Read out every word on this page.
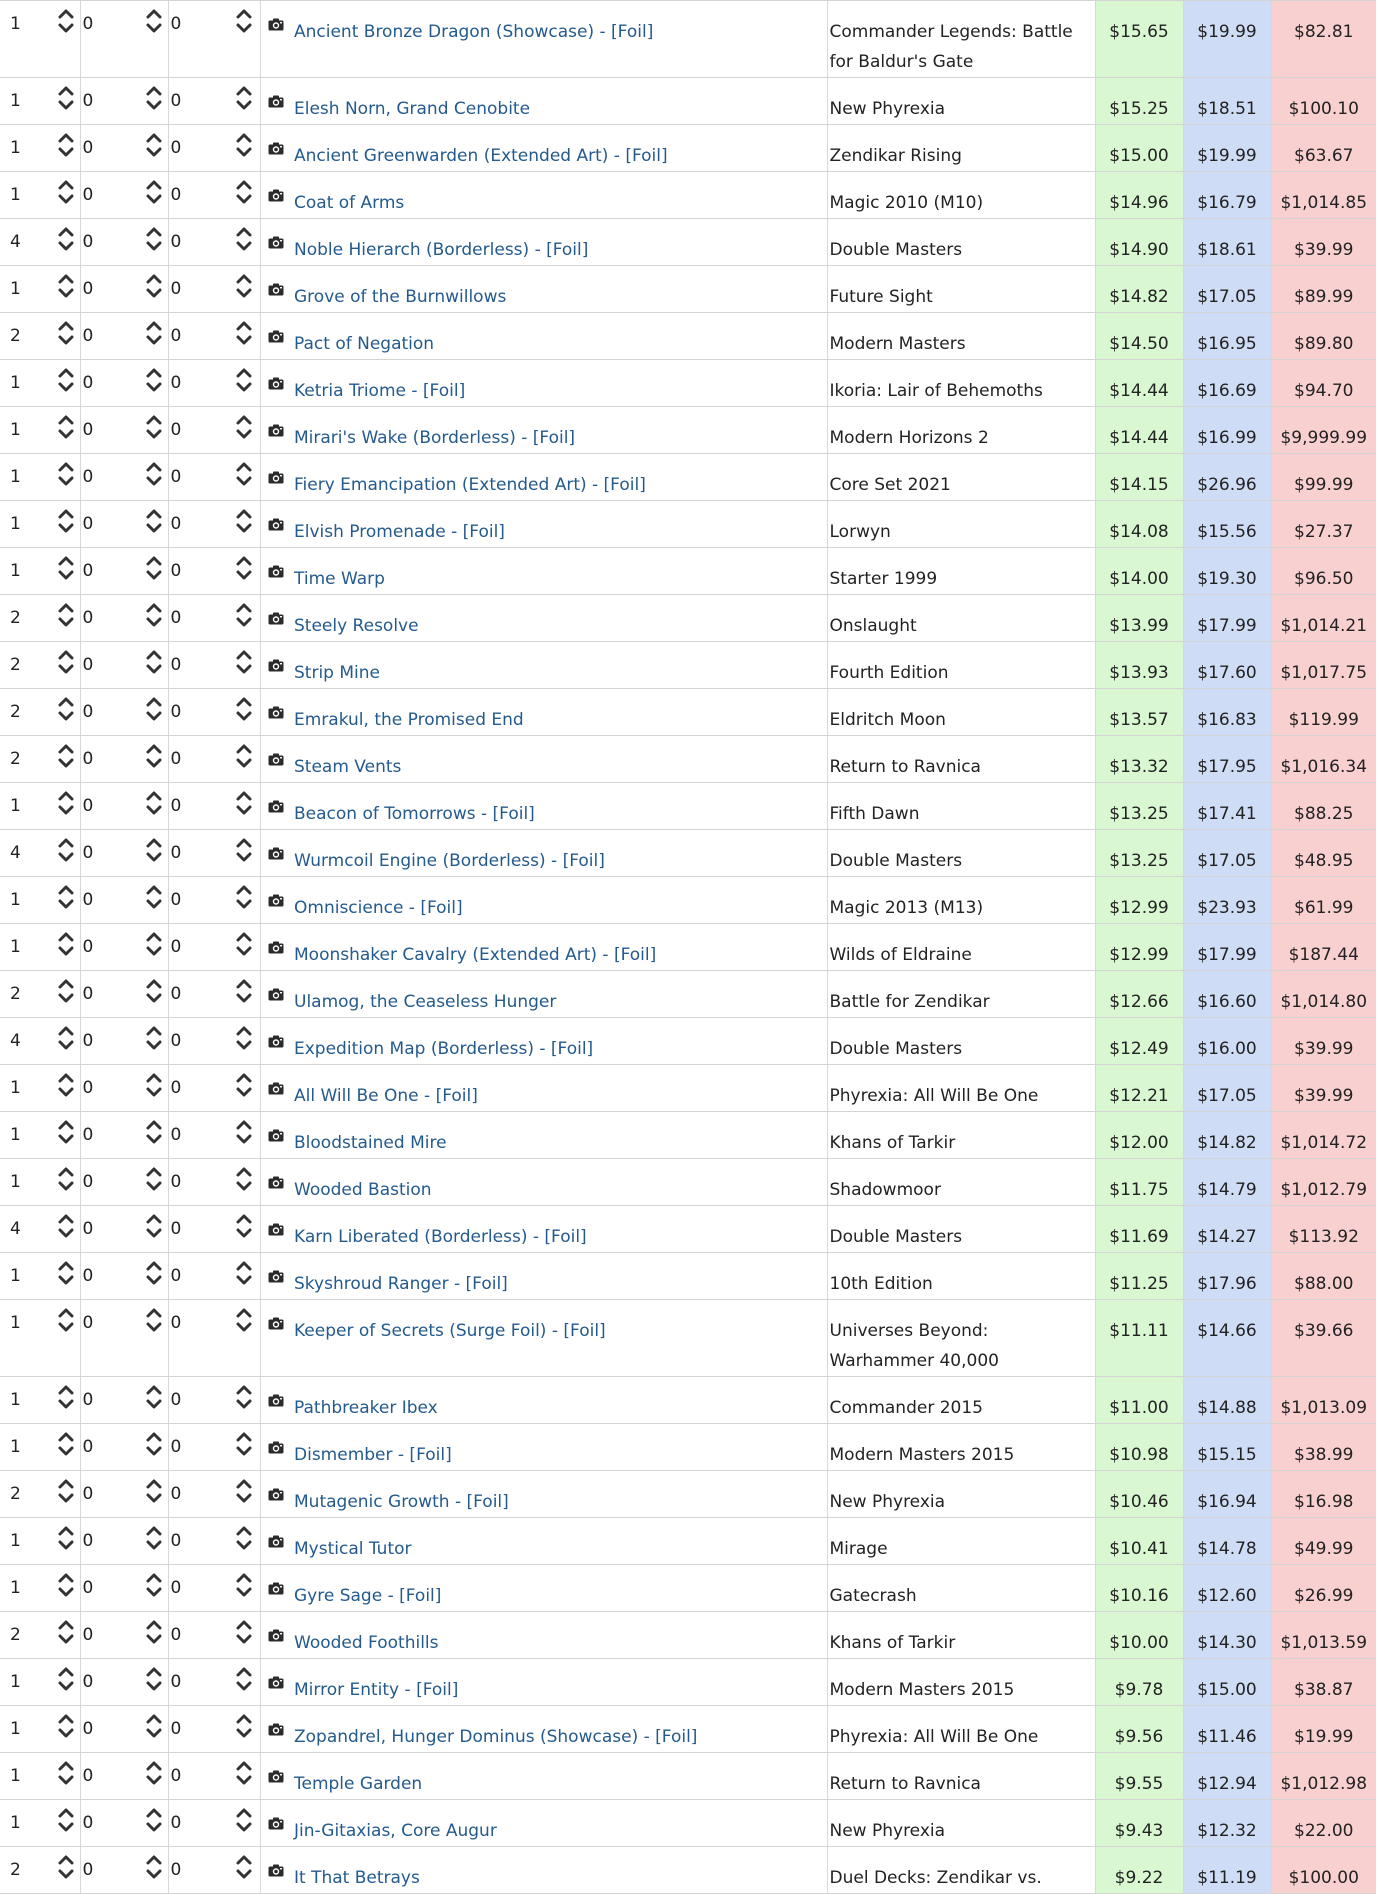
1		0		0			Ancient Bronze Dragon (Showcase) - [Foil]	Commander Legends: Battle for Baldur's Gate	$15.65	$19.99	$82.81
1		0		0			Elesh Norn, Grand Cenobite	New Phyrexia	$15.25	$18.51	$100.10
1		0		0			Ancient Greenwarden (Extended Art) - [Foil]	Zendikar Rising	$15.00	$19.99	$63.67
1		0		0			Coat of Arms	Magic 2010 (M10)	$14.96	$16.79	$1,014.85
4		0		0			Noble Hierarch (Borderless) - [Foil]	Double Masters	$14.90	$18.61	$39.99
1		0		0			Grove of the Burnwillows	Future Sight	$14.82	$17.05	$89.99
2		0		0			Pact of Negation	Modern Masters	$14.50	$16.95	$89.80
1		0		0			Ketria Triome - [Foil]	Ikoria: Lair of Behemoths	$14.44	$16.69	$94.70
1		0		0			Mirari's Wake (Borderless) - [Foil]	Modern Horizons 2	$14.44	$16.99	$9,999.99
1		0		0			Fiery Emancipation (Extended Art) - [Foil]	Core Set 2021	$14.15	$26.96	$99.99
1		0		0			Elvish Promenade - [Foil]	Lorwyn	$14.08	$15.56	$27.37
1		0		0			Time Warp	Starter 1999	$14.00	$19.30	$96.50
2		0		0			Steely Resolve	Onslaught	$13.99	$17.99	$1,014.21
2		0		0			Strip Mine	Fourth Edition	$13.93	$17.60	$1,017.75
2		0		0			Emrakul, the Promised End	Eldritch Moon	$13.57	$16.83	$119.99
2		0		0			Steam Vents	Return to Ravnica	$13.32	$17.95	$1,016.34
1		0		0			Beacon of Tomorrows - [Foil]	Fifth Dawn	$13.25	$17.41	$88.25
4		0		0			Wurmcoil Engine (Borderless) - [Foil]	Double Masters	$13.25	$17.05	$48.95
1		0		0			Omniscience - [Foil]	Magic 2013 (M13)	$12.99	$23.93	$61.99
1		0		0			Moonshaker Cavalry (Extended Art) - [Foil]	Wilds of Eldraine	$12.99	$17.99	$187.44
2		0		0			Ulamog, the Ceaseless Hunger	Battle for Zendikar	$12.66	$16.60	$1,014.80
4		0		0			Expedition Map (Borderless) - [Foil]	Double Masters	$12.49	$16.00	$39.99
1		0		0			All Will Be One - [Foil]	Phyrexia: All Will Be One	$12.21	$17.05	$39.99
1		0		0			Bloodstained Mire	Khans of Tarkir	$12.00	$14.82	$1,014.72
1		0		0			Wooded Bastion	Shadowmoor	$11.75	$14.79	$1,012.79
4		0		0			Karn Liberated (Borderless) - [Foil]	Double Masters	$11.69	$14.27	$113.92
1		0		0			Skyshroud Ranger - [Foil]	10th Edition	$11.25	$17.96	$88.00
1		0		0			Keeper of Secrets (Surge Foil) - [Foil]	Universes Beyond: Warhammer 40,000	$11.11	$14.66	$39.66
1		0		0			Pathbreaker Ibex	Commander 2015	$11.00	$14.88	$1,013.09
1		0		0			Dismember - [Foil]	Modern Masters 2015	$10.98	$15.15	$38.99
2		0		0			Mutagenic Growth - [Foil]	New Phyrexia	$10.46	$16.94	$16.98
1		0		0			Mystical Tutor	Mirage	$10.41	$14.78	$49.99
1		0		0			Gyre Sage - [Foil]	Gatecrash	$10.16	$12.60	$26.99
2		0		0			Wooded Foothills	Khans of Tarkir	$10.00	$14.30	$1,013.59
1		0		0			Mirror Entity - [Foil]	Modern Masters 2015	$9.78	$15.00	$38.87
1		0		0			Zopandrel, Hunger Dominus (Showcase) - [Foil]	Phyrexia: All Will Be One	$9.56	$11.46	$19.99
1		0		0			Temple Garden	Return to Ravnica	$9.55	$12.94	$1,012.98
1		0		0			Jin-Gitaxias, Core Augur	New Phyrexia	$9.43	$12.32	$22.00
2		0		0			It That Betrays	Duel Decks: Zendikar vs.	$9.22	$11.19	$100.00
